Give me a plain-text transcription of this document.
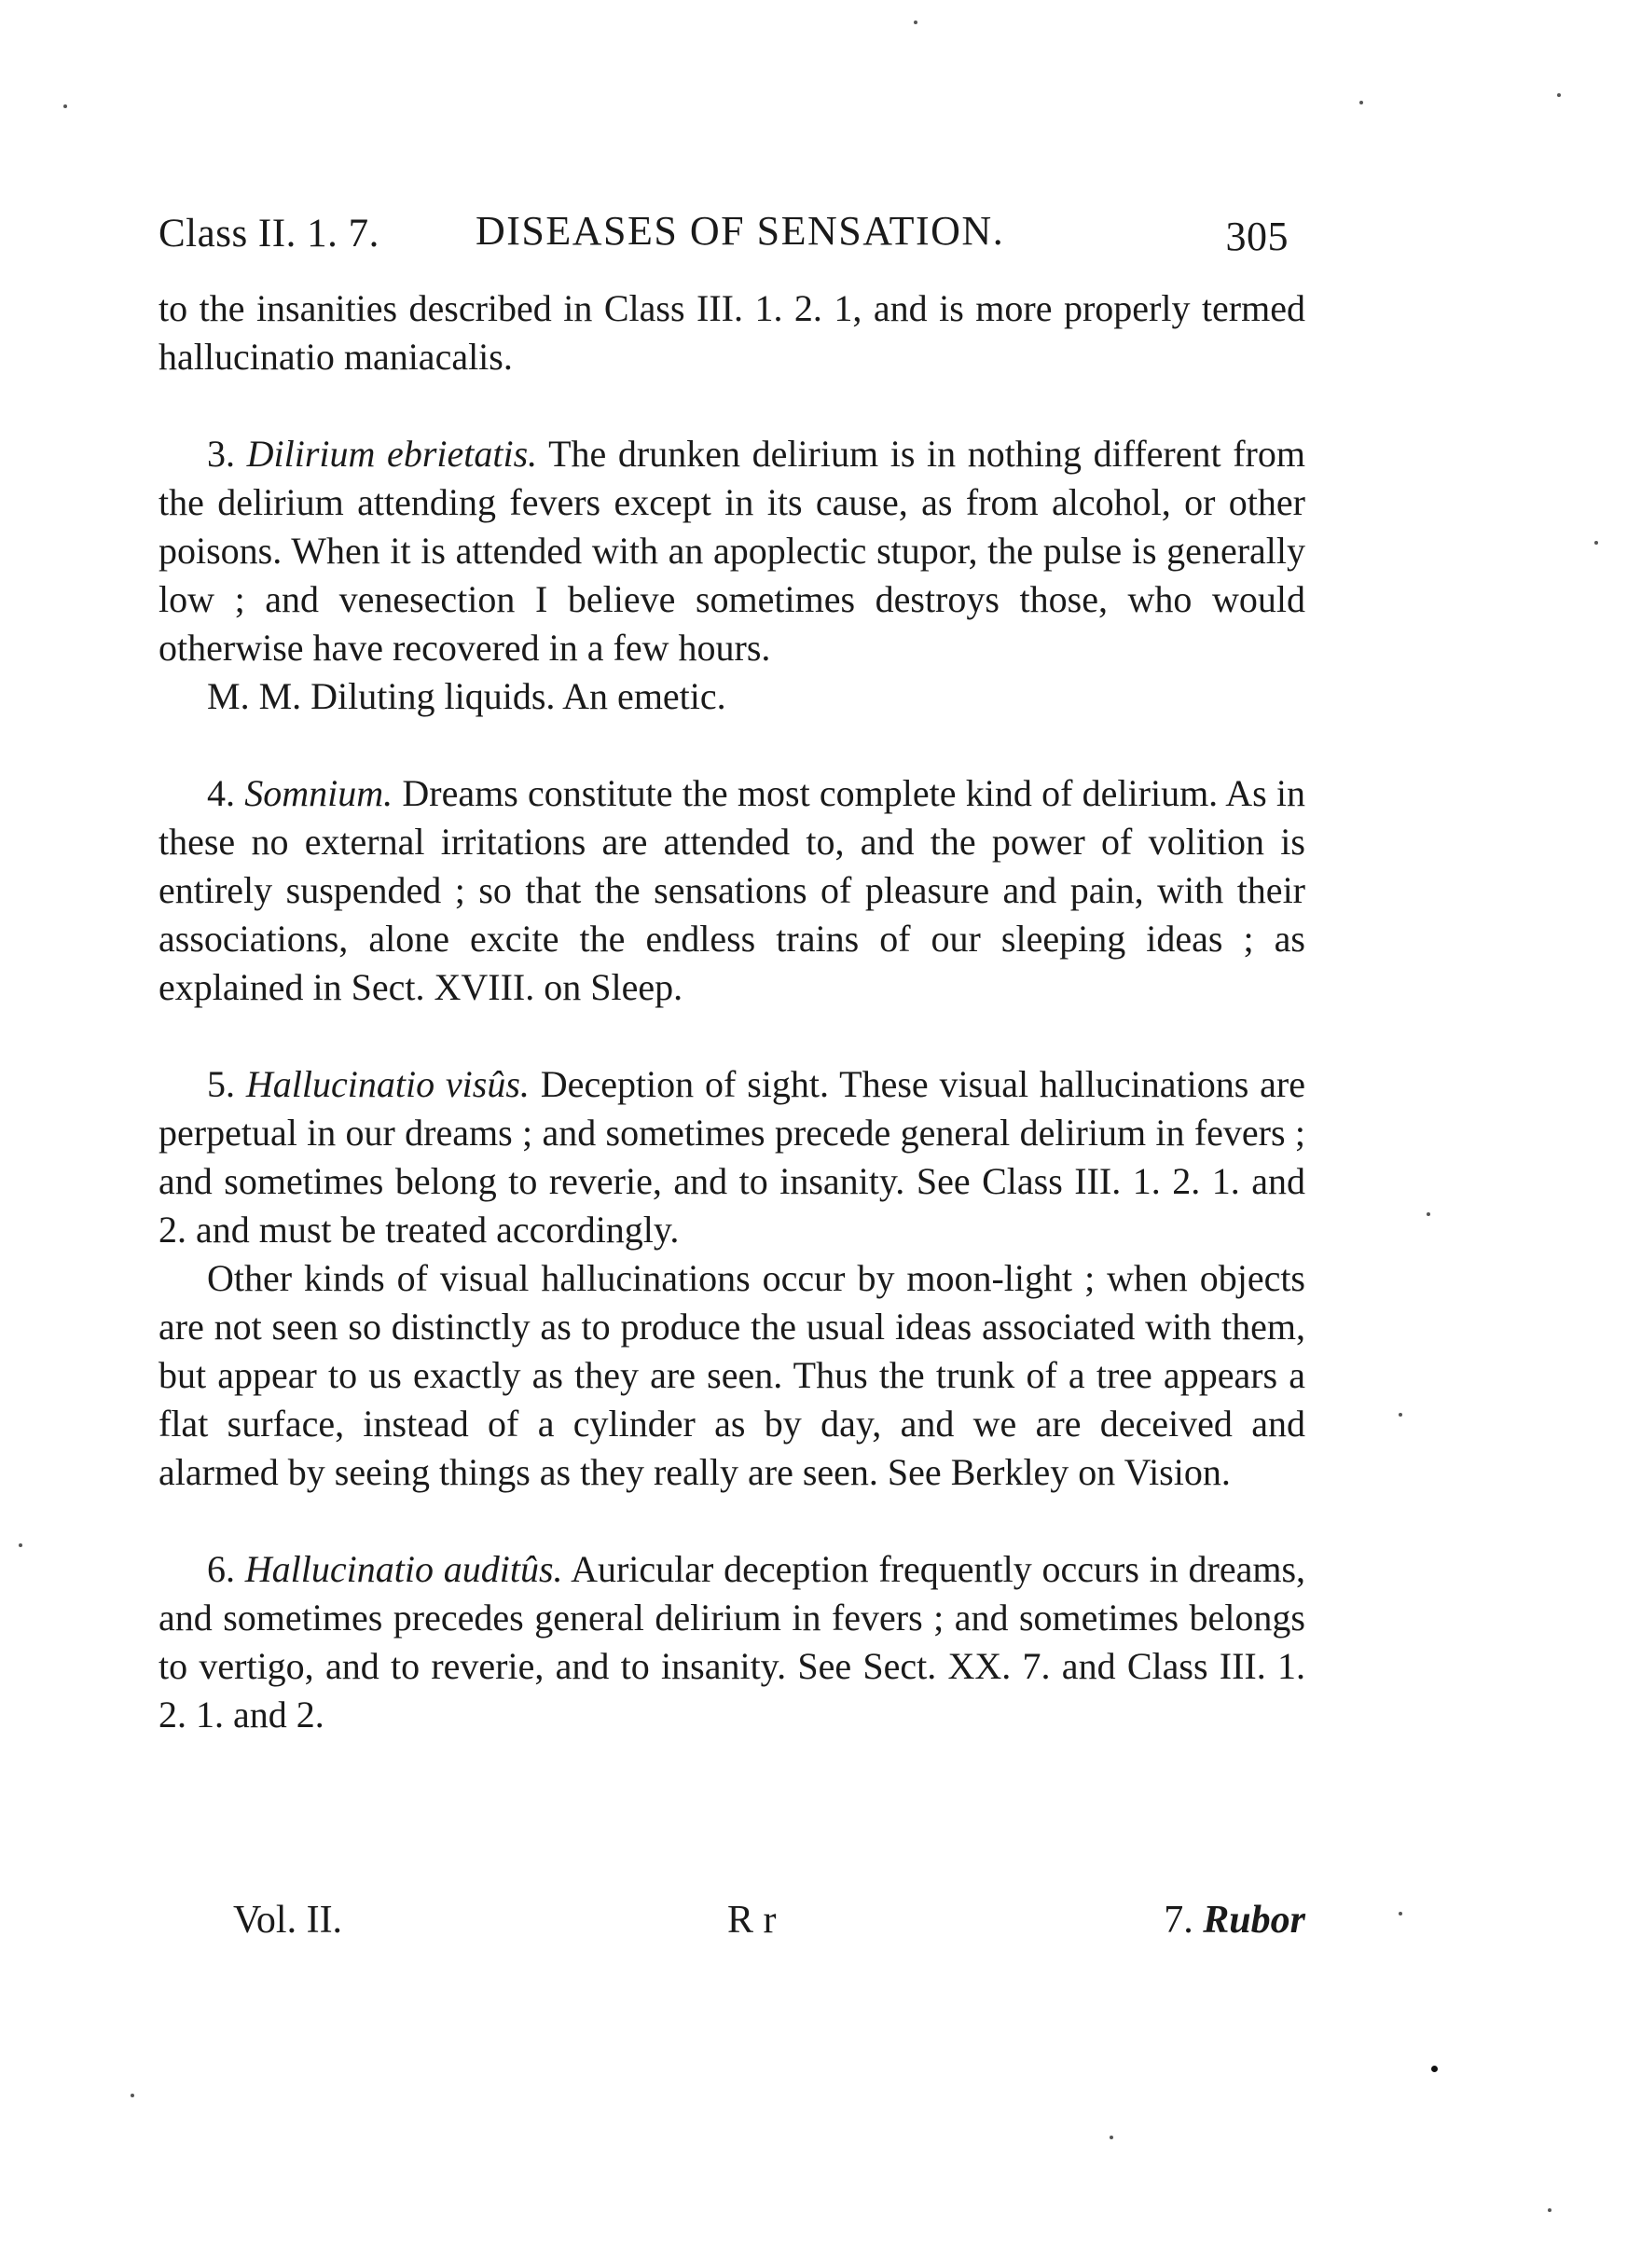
Class II. 1. 7. DISEASES OF SENSATION.	305

to the insanities described in Class III. 1. 2. 1, and is more properly termed hallucinatio maniacalis.

3. Dilirium ebrietatis. The drunken delirium is in nothing different from the delirium attending fevers except in its cause, as from alcohol, or other poisons. When it is attended with an apoplectic stupor, the pulse is generally low ; and venesection I believe sometimes destroys those, who would otherwise have recovered in a few hours.

M. M. Diluting liquids. An emetic.

4. Somnium. Dreams constitute the most complete kind of delirium. As in these no external irritations are attended to, and the power of volition is entirely suspended ; so that the sensations of pleasure and pain, with their associations, alone excite the endless trains of our sleeping ideas ; as explained in Sect. XVIII. on Sleep.

5. Hallucinatio visûs. Deception of sight. These visual hallucinations are perpetual in our dreams ; and sometimes precede general delirium in fevers ; and sometimes belong to reverie, and to insanity. See Class III. 1. 2. 1. and 2. and must be treated accordingly.

Other kinds of visual hallucinations occur by moon-light ; when objects are not seen so distinctly as to produce the usual ideas associated with them, but appear to us exactly as they are seen. Thus the trunk of a tree appears a flat surface, instead of a cylinder as by day, and we are deceived and alarmed by seeing things as they really are seen. See Berkley on Vision.

6. Hallucinatio auditûs. Auricular deception frequently occurs in dreams, and sometimes precedes general delirium in fevers ; and sometimes belongs to vertigo, and to reverie, and to insanity. See Sect. XX. 7. and Class III. 1. 2. 1. and 2.

Vol. II.	R r	7. Rubor
